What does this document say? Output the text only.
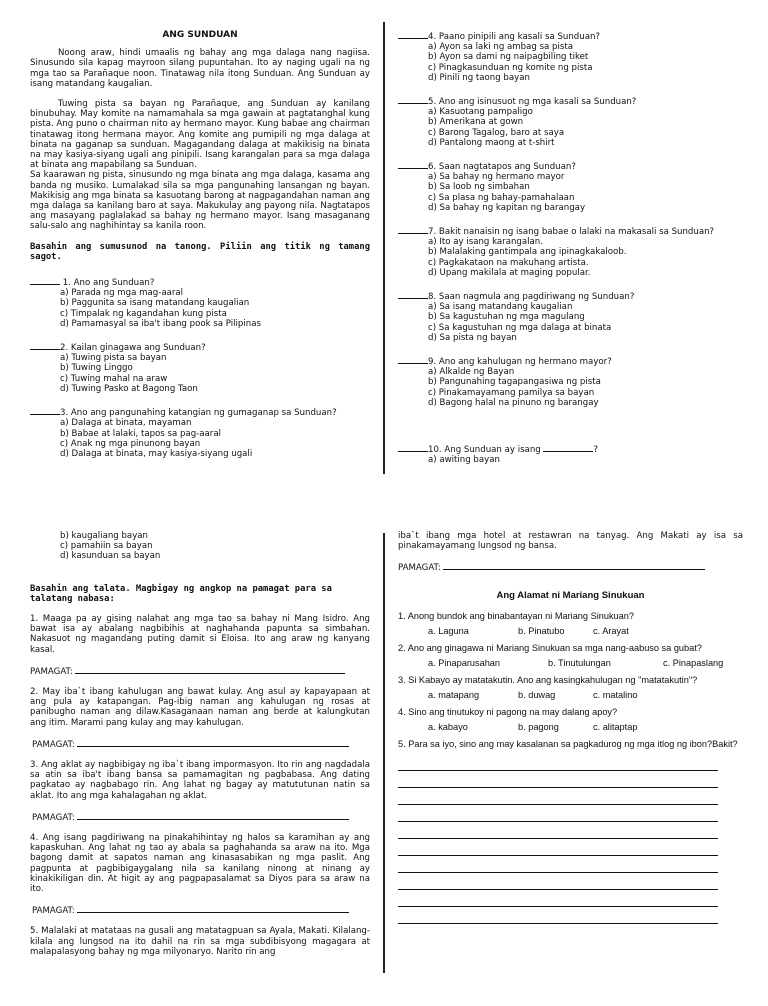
ANG SUNDUAN

Noong araw, hindi umaalis ng bahay ang mga dalaga nang nagiisa. Sinusundo sila kapag mayroon silang pupuntahan. Ito ay naging ugali na ng mga tao sa Parañaque noon. Tinatawag nila itong Sunduan. Ang Sunduan ay isang matandang kaugalian.

Tuwing pista sa bayan ng Parañaque, ang Sunduan ay kanilang binubuhay. May komite na namamahala sa mga gawain at pagtatanghal kung pista. Ang puno o chairman nito ay hermano mayor. Kung babae ang chairman tinatawag itong hermana mayor. Ang komite ang pumipili ng mga dalaga at binata na gaganap sa sunduan. Magagandang dalaga at makikisig na binata na may kasiya-siyang ugali ang pinipili. Isang karangalan para sa mga dalaga at binata ang mapabilang sa Sunduan.

Sa kaarawan ng pista, sinusundo ng mga binata ang mga dalaga, kasama ang banda ng musiko. Lumalakad sila sa mga pangunahing lansangan ng bayan. Makikisig ang mga binata sa kasuotang barong at nagpagandahan naman ang mga dalaga sa kanilang baro at saya. Makukulay ang payong nila. Nagtatapos ang masayang paglalakad sa bahay ng hermano mayor. Isang masaganang salu-salo ang naghihintay sa kanila roon.

Basahin ang sumusunod na tanong. Piliin ang titik ng tamang sagot.

1. Ano ang Sunduan?
a) Parada ng mga mag-aaral
b) Paggunita sa isang matandang kaugalian
c) Timpalak ng kagandahan kung pista
d) Pamamasyal sa iba't ibang pook sa Pilipinas
2. Kailan ginagawa ang Sunduan?
a) Tuwing pista sa bayan
b) Tuwing Linggo
c) Tuwing mahal na araw
d) Tuwing Pasko at Bagong Taon
3. Ano ang pangunahing katangian ng gumaganap sa Sunduan?
a) Dalaga at binata, mayaman
b) Babae at lalaki, tapos sa pag-aaral
c) Anak ng mga pinunong bayan
d) Dalaga at binata, may kasiya-siyang ugali
4. Paano pinipili ang kasali sa Sunduan?
a) Ayon sa laki ng ambag sa pista
b) Ayon sa dami ng naipagbiling tiket
c) Pinagkasunduan ng komite ng pista
d) Pinili ng taong bayan
5. Ano ang isinusuot ng mga kasali sa Sunduan?
a) Kasuotang pampaligo
b) Amerikana at gown
c) Barong Tagalog, baro at saya
d) Pantalong maong at t-shirt
6. Saan nagtatapos ang Sunduan?
a) Sa bahay ng hermano mayor
b) Sa loob ng simbahan
c) Sa plasa ng bahay-pamahalaan
d) Sa bahay ng kapitan ng barangay
7. Bakit nanaisin ng isang babae o lalaki na makasali sa Sunduan?
a) Ito ay isang karangalan.
b) Malalaking gantimpala ang ipinagkakaloob.
c) Pagkakataon na makuhang artista.
d) Upang makilala at maging popular.
8. Saan nagmula ang pagdiriwang ng Sunduan?
a) Sa isang matandang kaugalian
b) Sa kagustuhan ng mga magulang
c) Sa kagustuhan ng mga dalaga at binata
d) Sa pista ng bayan
9. Ano ang kahulugan ng hermano mayor?
a) Alkalde ng Bayan
b) Pangunahing tagapangasiwa ng pista
c) Pinakamayamang pamilya sa bayan
d) Bagong halal na pinuno ng barangay
10. Ang Sunduan ay isang	?
a) awiting bayan
b) kaugaliang bayan
c) pamahiin sa bayan
d) kasunduan sa bayan

Basahin ang talata. Magbigay ng angkop na pamagat para sa talatang nabasa:

1. Maaga pa ay gising nalahat ang mga tao sa bahay ni Mang Isidro. Ang bawat isa ay abalang nagbibihis at naghahanda papunta sa simbahan. Nakasuot ng magandang puting damit si Eloisa. Ito ang araw ng kanyang kasal.

PAMAGAT:

2. May iba`t ibang kahulugan ang bawat kulay. Ang asul ay kapayapaan at ang pula ay katapangan. Pag-ibig naman ang kahulugan ng rosas at panibugho naman ang dilaw.Kasaganaan naman ang berde at kalungkutan ang itim. Marami pang kulay ang may kahulugan.

PAMAGAT:

3. Ang aklat ay nagbibigay ng iba`t ibang impormasyon. Ito rin ang nagdadala sa atin sa iba't ibang bansa sa pamamagitan ng pagbabasa. Ang dating pagkatao ay nagbabago rin. Ang lahat ng bagay ay matututunan natin sa aklat. Ito ang mga kahalagahan ng aklat.

PAMAGAT:

4. Ang isang pagdiriwang na pinakahihintay ng halos sa karamihan ay ang kapaskuhan. Ang lahat ng tao ay abala sa paghahanda sa araw na ito. Mga bagong damit at sapatos naman ang kinasasabikan ng mga paslit. Ang pagpunta at pagbibigaygalang nila sa kanilang ninong at ninang ay kinakikiligan din. At higit ay ang pagpapasalamat sa Diyos para sa araw na ito.

PAMAGAT:

5. Malalaki at matataas na gusali ang matatagpuan sa Ayala, Makati. Kilalang-kilala ang lungsod na ito dahil na rin sa mga subdibisyong magagara at malapalasyong bahay ng mga milyonaryo. Narito rin ang

iba`t ibang mga hotel at restawran na tanyag. Ang Makati ay isa sa pinakamayamang lungsod ng bansa.

PAMAGAT:
Ang Alamat ni Mariang Sinukuan
1. Anong bundok ang binabantayan ni Mariang Sinukuan?
a. Laguna	b. Pinatubo	c. Arayat
2. Ano ang ginagawa ni Mariang Sinukuan sa mga nang-aabuso sa gubat?
a. Pinaparusahan	b. Tinutulungan	c. Pinapaslang
3. Si Kabayo ay matatakutin. Ano ang kasingkahulugan ng "matatakutin"?
a. matapang	b. duwag	c. matalino
4. Sino ang tinutukoy ni pagong na may dalang apoy?
a. kabayo	b. pagong	c. alitaptap
5. Para sa iyo, sino ang may kasalanan sa pagkadurog ng mga itlog ng ibon?Bakit?
